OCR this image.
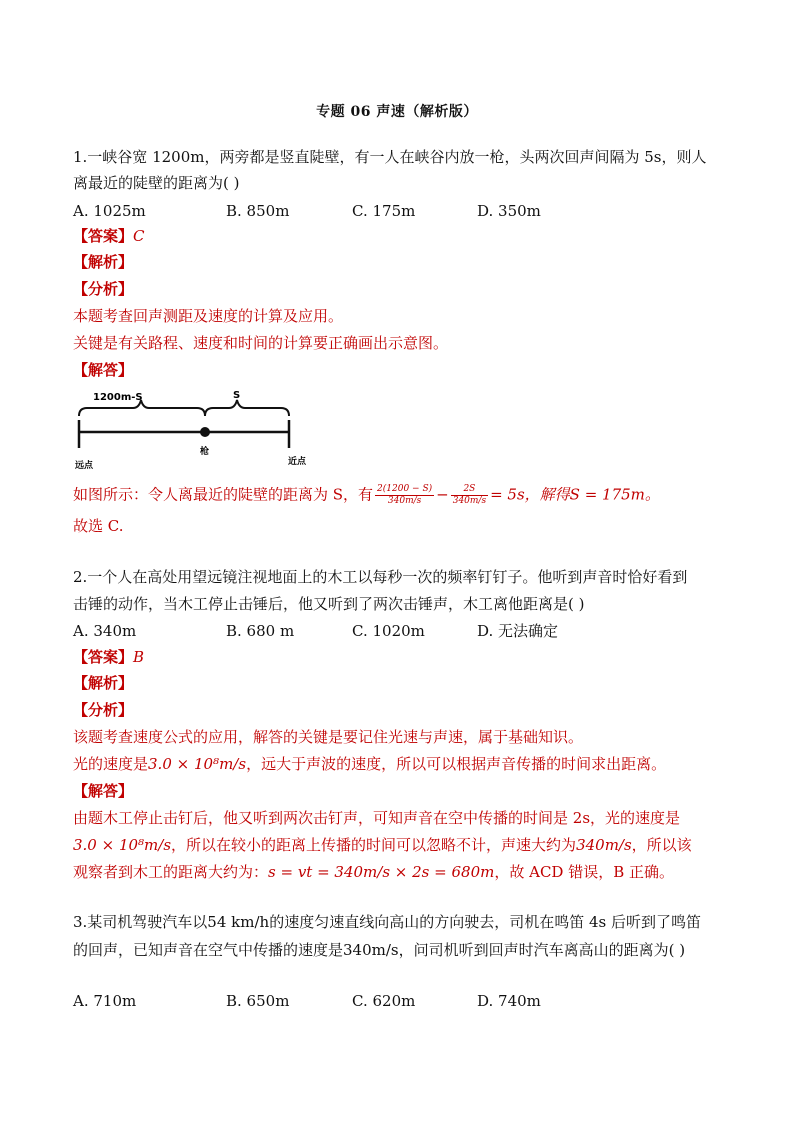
专题 06 声速（解析版）
1.一峡谷宽 1200m，两旁都是竖直陡壁，有一人在峡谷内放一枪，头两次回声间隔为 5s，则人
离最近的陡壁的距离为( )
A. 1025m	B. 850m	C. 175m	D. 350m
【答案】C
【解析】
【分析】
本题考查回声测距及速度的计算及应用。
关键是有关路程、速度和时间的计算要正确画出示意图。
【解答】
1200m-S	S
远点
枪
近点
如图所示：令人离最近的陡壁的距离为 S，有 $\frac{2(1200 - S)}{340m/s} - \frac{2S}{340m/s} = 5s$，解得S = 175m。
故选 C.
2.一个人在高处用望远镜注视地面上的木工以每秒一次的频率钉钉子。他听到声音时恰好看到
击锤的动作，当木工停止击锤后，他又听到了两次击锤声，木工离他距离是( )
A. 340m	B. 680 m	C. 1020m	D. 无法确定
【答案】B
【解析】
【分析】
该题考查速度公式的应用，解答的关键是要记住光速与声速，属于基础知识。
光的速度是3.0 × 10⁸m/s，远大于声波的速度，所以可以根据声音传播的时间求出距离。
【解答】
由题木工停止击钉后，他又听到两次击钉声，可知声音在空中传播的时间是 2s，光的速度是
3.0 × 10⁸m/s，所以在较小的距离上传播的时间可以忽略不计，声速大约为340m/s，所以该
观察者到木工的距离大约为：s = vt = 340m/s × 2s = 680m，故 ACD 错误，B 正确。
3.某司机驾驶汽车以54 km/h的速度匀速直线向高山的方向驶去，司机在鸣笛 4s 后听到了鸣笛
的回声，已知声音在空气中传播的速度是340m/s，问司机听到回声时汽车离高山的距离为( )
A. 710m	B. 650m	C. 620m	D. 740m
